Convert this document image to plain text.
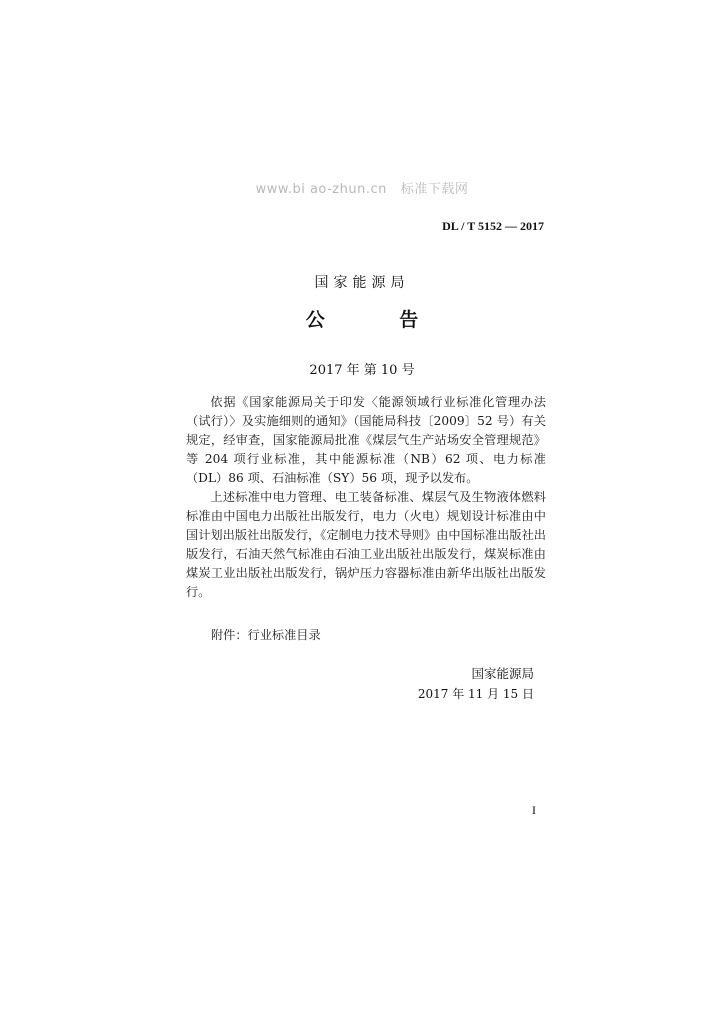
www.bi ao-zhun.cn 标准下载网
DL / T 5152 — 2017
国家能源局
公 告
2017 年 第 10 号

依据《国家能源局关于印发〈能源领域行业标准化管理办法（试行）〉及实施细则的通知》（国能局科技〔2009〕52 号）有关规定，经审查，国家能源局批准《煤层气生产站场安全管理规范》等 204 项行业标准，其中能源标准（NB）62 项、电力标准（DL）86 项、石油标准（SY）56 项，现予以发布。

上述标准中电力管理、电工装备标准、煤层气及生物液体燃料标准由中国电力出版社出版发行，电力（火电）规划设计标准由中国计划出版社出版发行，《定制电力技术导则》由中国标准出版社出版发行，石油天然气标准由石油工业出版社出版发行，煤炭标准由煤炭工业出版社出版发行，锅炉压力容器标准由新华出版社出版发行。

附件：行业标准目录
国家能源局
2017 年 11 月 15 日
I
